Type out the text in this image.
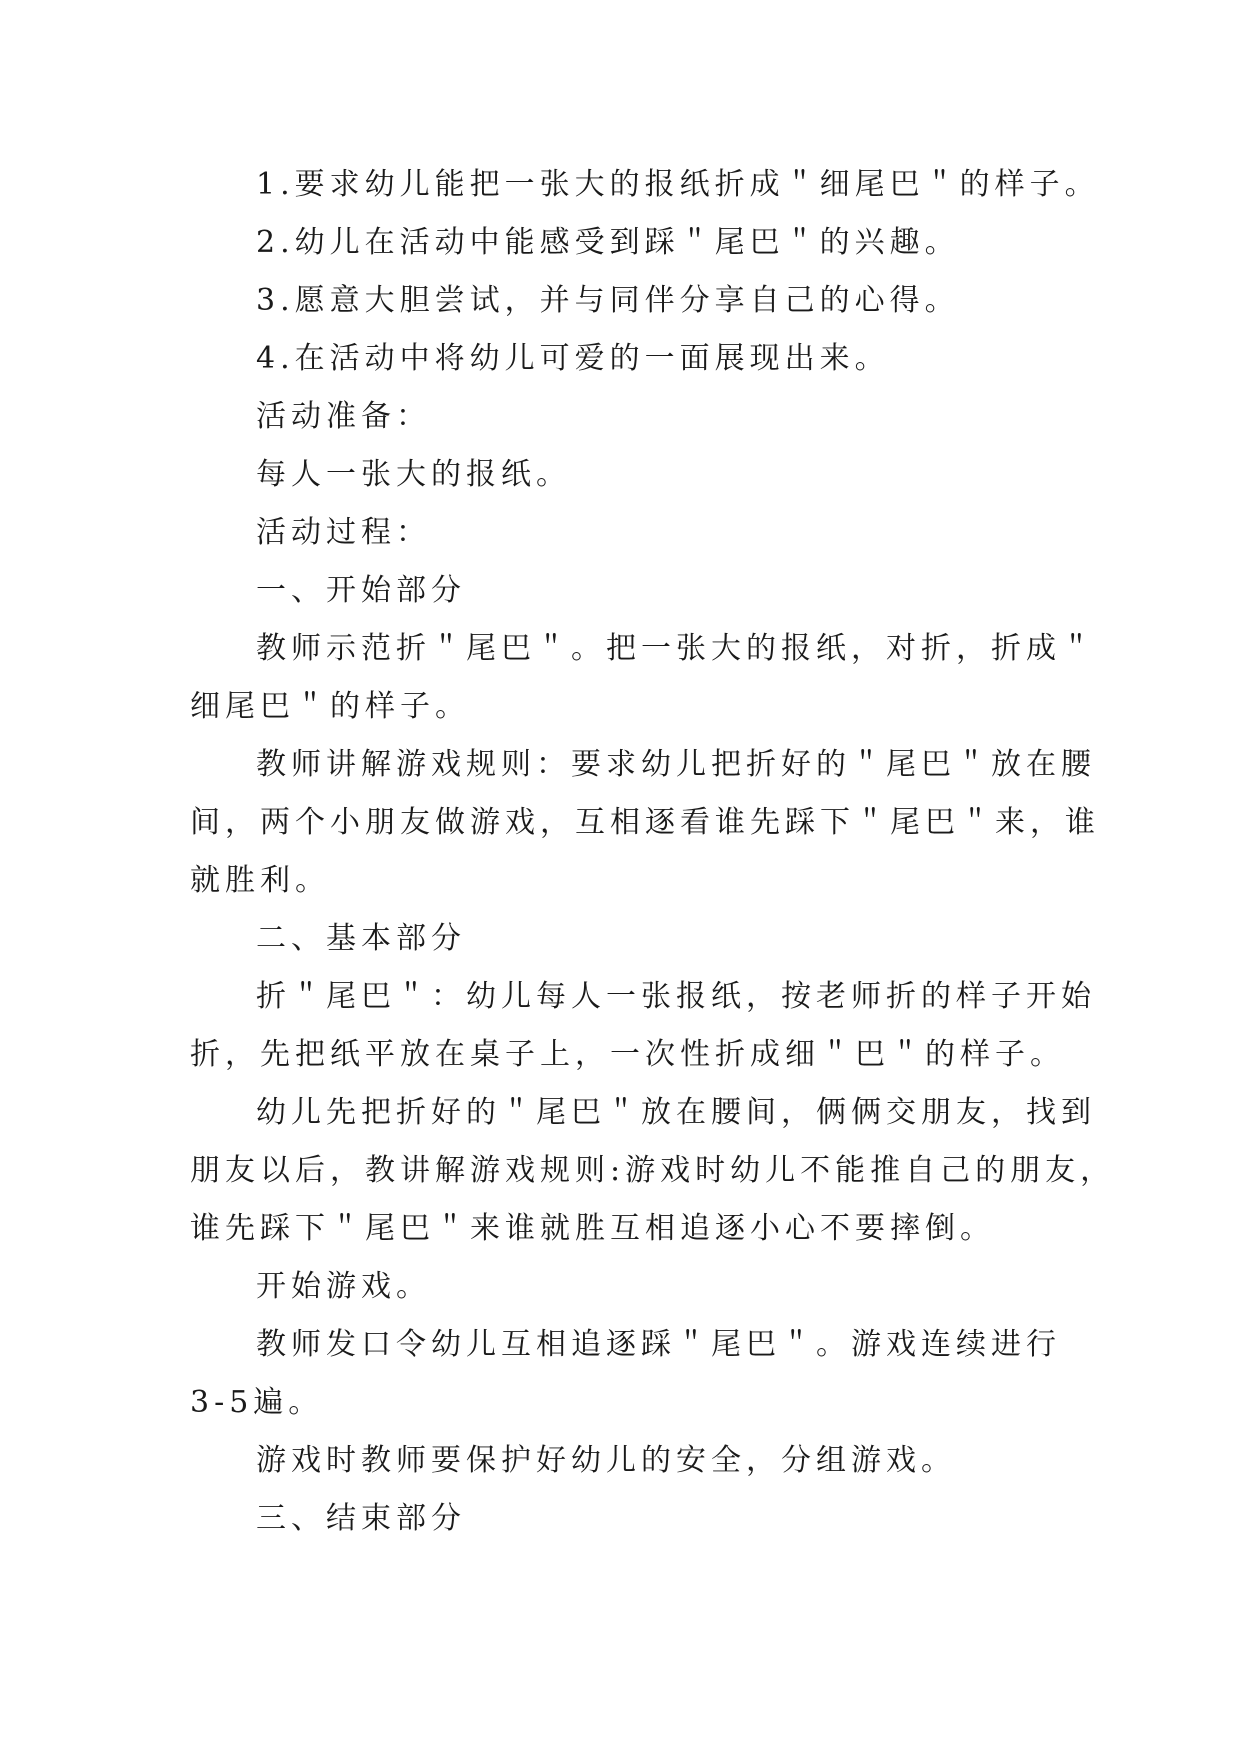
1.要求幼儿能把一张大的报纸折成＂细尾巴＂的样子。

2.幼儿在活动中能感受到踩＂尾巴＂的兴趣。

3.愿意大胆尝试，并与同伴分享自己的心得。

4.在活动中将幼儿可爱的一面展现出来。

活动准备：

每人一张大的报纸。

活动过程：

一、开始部分

教师示范折＂尾巴＂。把一张大的报纸，对折，折成＂

细尾巴＂的样子。

教师讲解游戏规则：要求幼儿把折好的＂尾巴＂放在腰

间，两个小朋友做游戏，互相逐看谁先踩下＂尾巴＂来，谁

就胜利。

二、基本部分

折＂尾巴＂：幼儿每人一张报纸，按老师折的样子开始

折，先把纸平放在桌子上，一次性折成细＂巴＂的样子。

幼儿先把折好的＂尾巴＂放在腰间，俩俩交朋友，找到

朋友以后，教讲解游戏规则:游戏时幼儿不能推自己的朋友，

谁先踩下＂尾巴＂来谁就胜互相追逐小心不要摔倒。

开始游戏。

教师发口令幼儿互相追逐踩＂尾巴＂。游戏连续进行

3-5遍。

游戏时教师要保护好幼儿的安全，分组游戏。

三、结束部分
